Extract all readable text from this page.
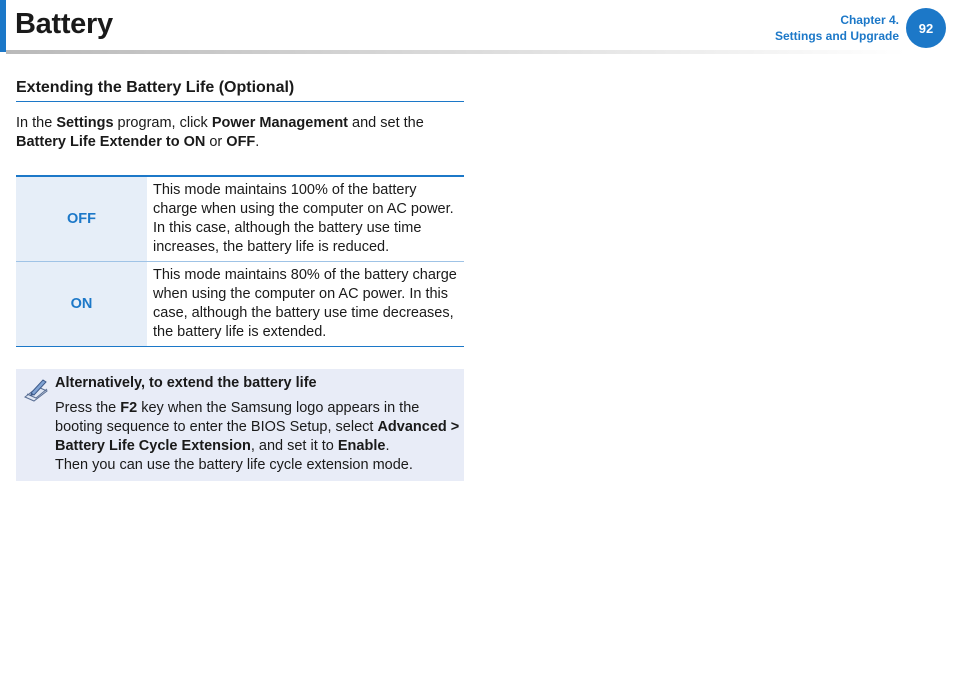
Battery	Chapter 4.
Settings and Upgrade
92
Extending the Battery Life (Optional)
In the Settings program, click Power Management and set the Battery Life Extender to ON or OFF.
OFF	This mode maintains 100% of the battery charge when using the computer on AC power. In this case, although the battery use time increases, the battery life is reduced.
ON	This mode maintains 80% of the battery charge when using the computer on AC power. In this case, although the battery use time decreases, the battery life is extended.
Alternatively, to extend the battery life
Press the F2 key when the Samsung logo appears in the booting sequence to enter the BIOS Setup, select Advanced > Battery Life Cycle Extension, and set it to Enable.
Then you can use the battery life cycle extension mode.
